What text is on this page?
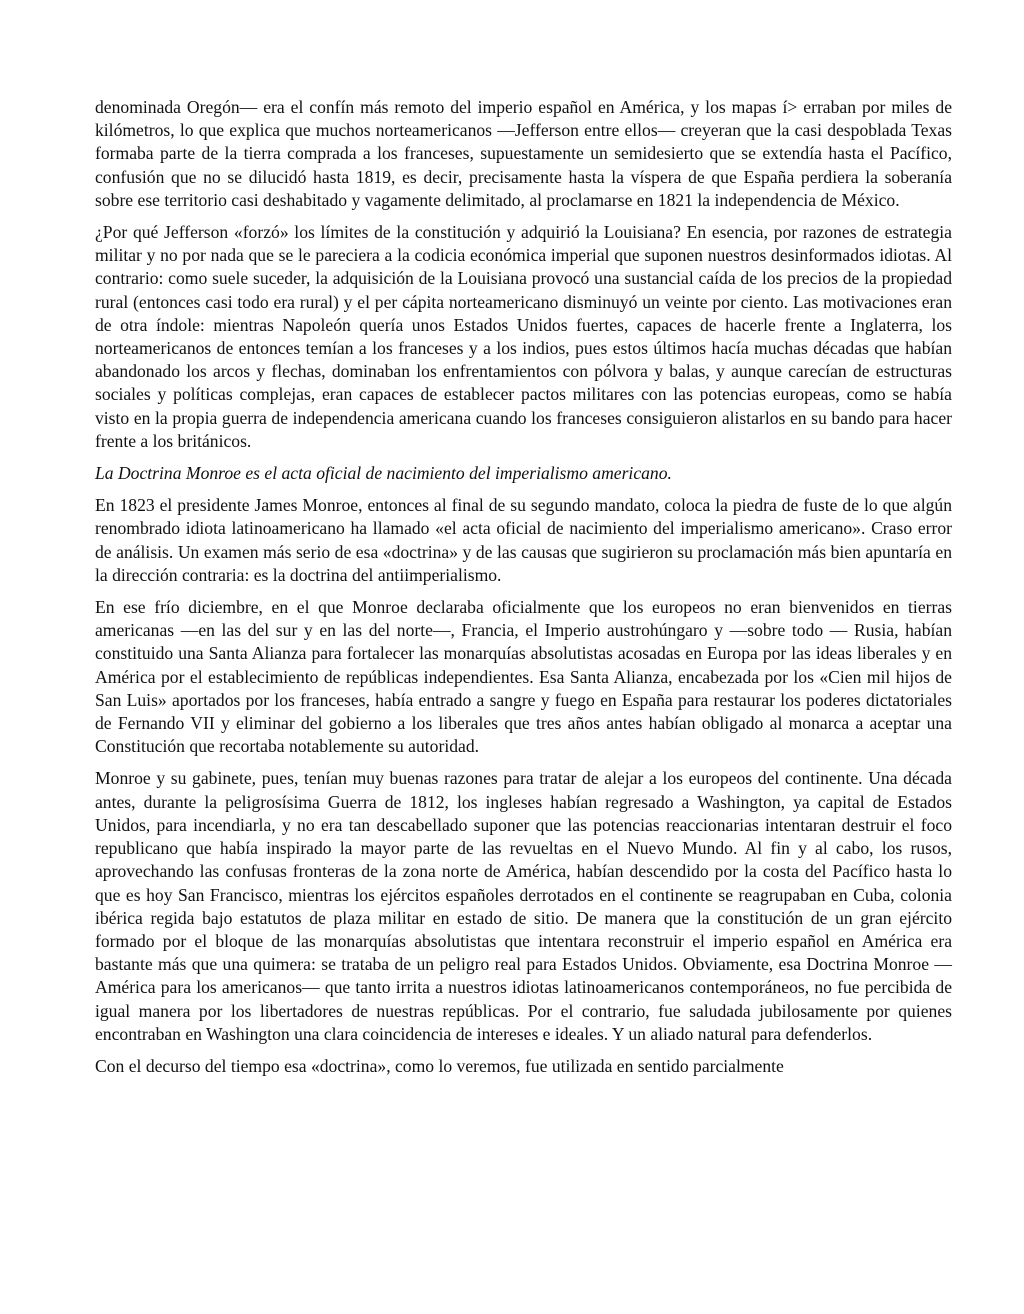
denominada Oregón— era el confín más remoto del imperio español en América, y los mapas í> erraban por miles de kilómetros, lo que explica que muchos norteamericanos —Jefferson entre ellos— creyeran que la casi despoblada Texas formaba parte de la tierra comprada a los franceses, supuestamente un semidesierto que se extendía hasta el Pacífico, confusión que no se dilucidó hasta 1819, es decir, precisamente hasta la víspera de que España perdiera la soberanía sobre ese territorio casi deshabitado y vagamente delimitado, al proclamarse en 1821 la independencia de México.

¿Por qué Jefferson «forzó» los límites de la constitución y adquirió la Louisiana? En esencia, por razones de estrategia militar y no por nada que se le pareciera a la codicia económica imperial que suponen nuestros desinformados idiotas. Al contrario: como suele suceder, la adquisición de la Louisiana provocó una sustancial caída de los precios de la propiedad rural (entonces casi todo era rural) y el per cápita norteamericano disminuyó un veinte por ciento. Las motivaciones eran de otra índole: mientras Napoleón quería unos Estados Unidos fuertes, capaces de hacerle frente a Inglaterra, los norteamericanos de entonces temían a los franceses y a los indios, pues estos últimos hacía muchas décadas que habían abandonado los arcos y flechas, dominaban los enfrentamientos con pólvora y balas, y aunque carecían de estructuras sociales y políticas complejas, eran capaces de establecer pactos militares con las potencias europeas, como se había visto en la propia guerra de independencia americana cuando los franceses consiguieron alistarlos en su bando para hacer frente a los británicos.

La Doctrina Monroe es el acta oficial de nacimiento del imperialismo americano.

En 1823 el presidente James Monroe, entonces al final de su segundo mandato, coloca la piedra de fuste de lo que algún renombrado idiota latinoamericano ha llamado «el acta oficial de nacimiento del imperialismo americano». Craso error de análisis. Un examen más serio de esa «doctrina» y de las causas que sugirieron su proclamación más bien apuntaría en la dirección contraria: es la doctrina del antiimperialismo.

En ese frío diciembre, en el que Monroe declaraba oficialmente que los europeos no eran bienvenidos en tierras americanas —en las del sur y en las del norte—, Francia, el Imperio austrohúngaro y —sobre todo — Rusia, habían constituido una Santa Alianza para fortalecer las monarquías absolutistas acosadas en Europa por las ideas liberales y en América por el establecimiento de repúblicas independientes. Esa Santa Alianza, encabezada por los «Cien mil hijos de San Luis» aportados por los franceses, había entrado a sangre y fuego en España para restaurar los poderes dictatoriales de Fernando VII y eliminar del gobierno a los liberales que tres años antes habían obligado al monarca a aceptar una Constitución que recortaba notablemente su autoridad.

Monroe y su gabinete, pues, tenían muy buenas razones para tratar de alejar a los europeos del continente. Una década antes, durante la peligrosísima Guerra de 1812, los ingleses habían regresado a Washington, ya capital de Estados Unidos, para incendiarla, y no era tan descabellado suponer que las potencias reaccionarias intentaran destruir el foco republicano que había inspirado la mayor parte de las revueltas en el Nuevo Mundo. Al fin y al cabo, los rusos, aprovechando las confusas fronteras de la zona norte de América, habían descendido por la costa del Pacífico hasta lo que es hoy San Francisco, mientras los ejércitos españoles derrotados en el continente se reagrupaban en Cuba, colonia ibérica regida bajo estatutos de plaza militar en estado de sitio. De manera que la constitución de un gran ejército formado por el bloque de las monarquías absolutistas que intentara reconstruir el imperio español en América era bastante más que una quimera: se trataba de un peligro real para Estados Unidos. Obviamente, esa Doctrina Monroe —América para los americanos— que tanto irrita a nuestros idiotas latinoamericanos contemporáneos, no fue percibida de igual manera por los libertadores de nuestras repúblicas. Por el contrario, fue saludada jubilosamente por quienes encontraban en Washington una clara coincidencia de intereses e ideales. Y un aliado natural para defenderlos.

Con el decurso del tiempo esa «doctrina», como lo veremos, fue utilizada en sentido parcialmente
